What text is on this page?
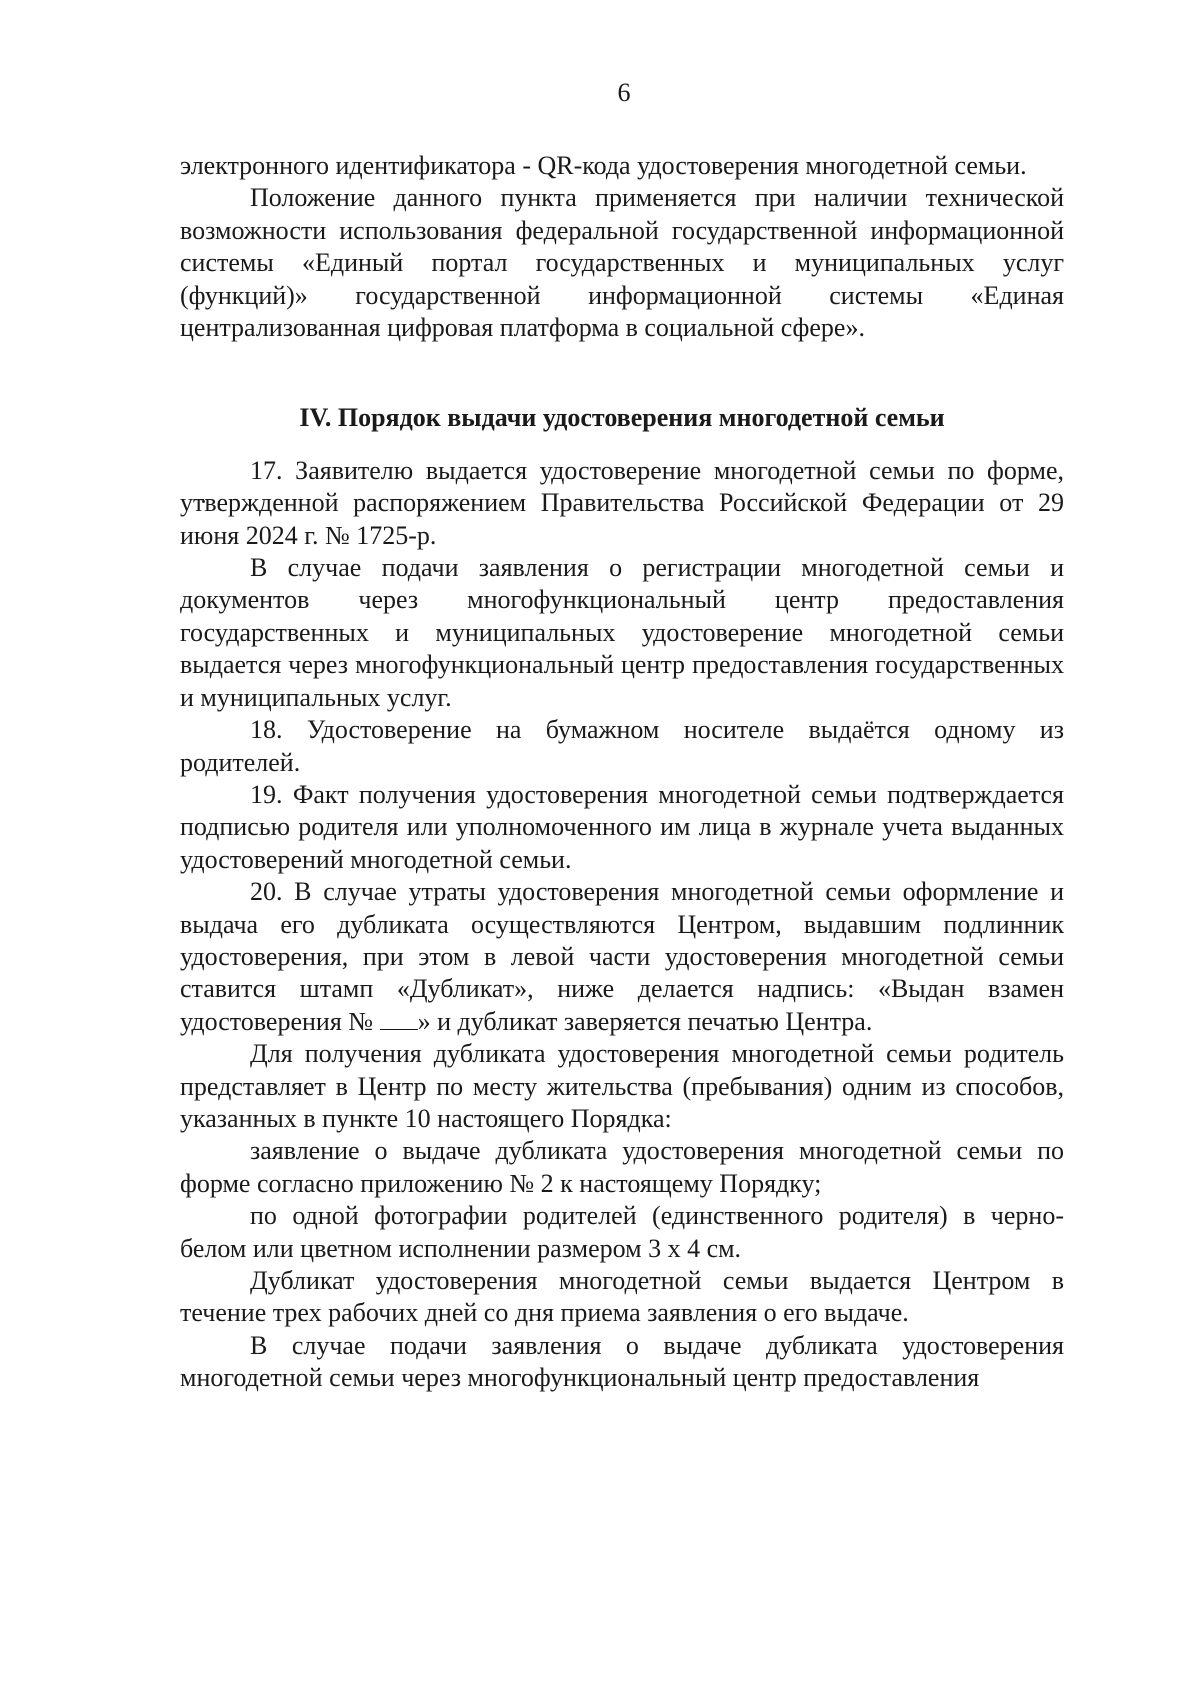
6

электронного идентификатора - QR-кода удостоверения многодетной семьи.

Положение данного пункта применяется при наличии технической возможности использования федеральной государственной информационной системы «Единый портал государственных и муниципальных услуг (функций)» государственной информационной системы «Единая централизованная цифровая платформа в социальной сфере».

IV. Порядок выдачи удостоверения многодетной семьи

17. Заявителю выдается удостоверение многодетной семьи по форме, утвержденной распоряжением Правительства Российской Федерации от 29 июня 2024 г. № 1725-р.

В случае подачи заявления о регистрации многодетной семьи и документов через многофункциональный центр предоставления государственных и муниципальных удостоверение многодетной семьи выдается через многофункциональный центр предоставления государственных и муниципальных услуг.

18. Удостоверение на бумажном носителе выдаётся одному из родителей.

19. Факт получения удостоверения многодетной семьи подтверждается подписью родителя или уполномоченного им лица в журнале учета выданных удостоверений многодетной семьи.

20. В случае утраты удостоверения многодетной семьи оформление и выдача его дубликата осуществляются Центром, выдавшим подлинник удостоверения, при этом в левой части удостоверения многодетной семьи ставится штамп «Дубликат», ниже делается надпись: «Выдан взамен удостоверения № » и дубликат заверяется печатью Центра.

Для получения дубликата удостоверения многодетной семьи родитель представляет в Центр по месту жительства (пребывания) одним из способов, указанных в пункте 10 настоящего Порядка:

заявление о выдаче дубликата удостоверения многодетной семьи по форме согласно приложению № 2 к настоящему Порядку;

по одной фотографии родителей (единственного родителя) в черно-белом или цветном исполнении размером 3 х 4 см.

Дубликат удостоверения многодетной семьи выдается Центром в течение трех рабочих дней со дня приема заявления о его выдаче.

В случае подачи заявления о выдаче дубликата удостоверения многодетной семьи через многофункциональный центр предоставления
